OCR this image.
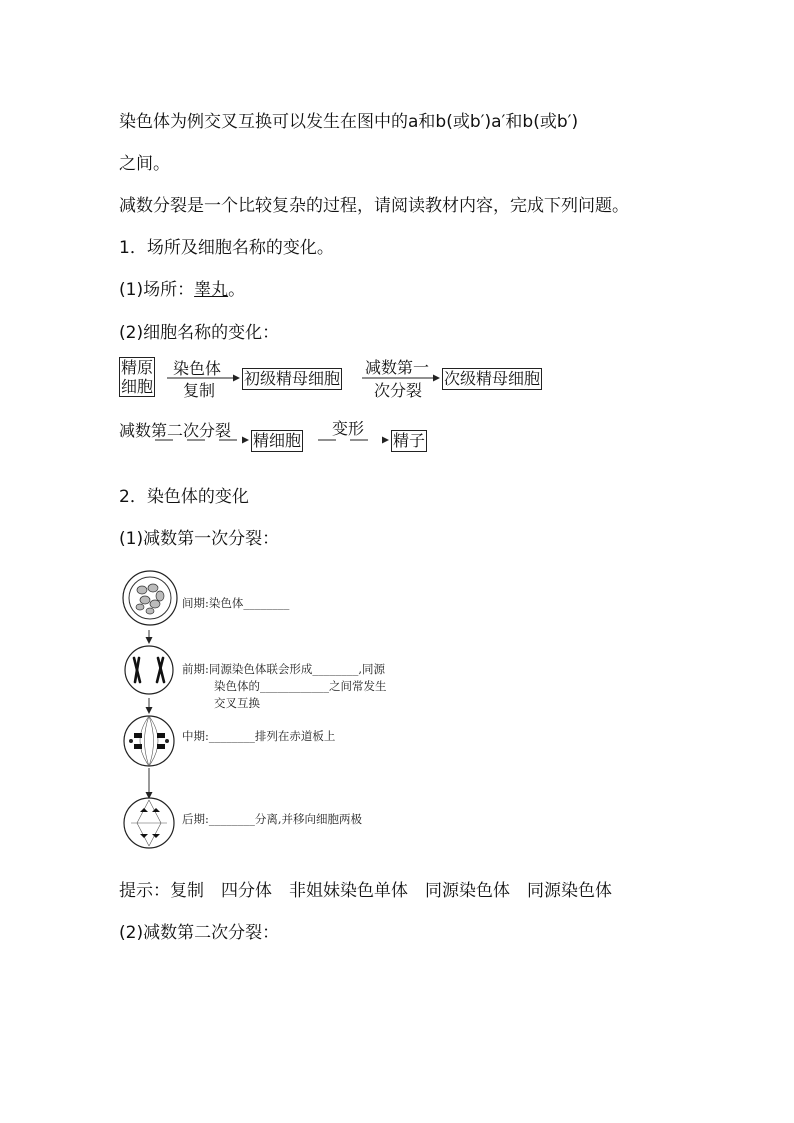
染色体为例交叉互换可以发生在图中的a和b(或b′)a′和b(或b′)
之间。
减数分裂是一个比较复杂的过程，请阅读教材内容，完成下列问题。
1．场所及细胞名称的变化。
(1)场所：睾丸。
(2)细胞名称的变化：
精原
细胞
染色体
复制
初级精母细胞
减数第一
次分裂
次级精母细胞
减数第二次分裂
精细胞
变形
精子
2．染色体的变化
(1)减数第一次分裂：
间期:染色体________
前期:同源染色体联会形成________,同源
染色体的____________之间常发生
交叉互换
中期:________排列在赤道板上
后期:________分离,并移向细胞两极
提示：复制　四分体　非姐妹染色单体　同源染色体　同源染色体
(2)减数第二次分裂：
